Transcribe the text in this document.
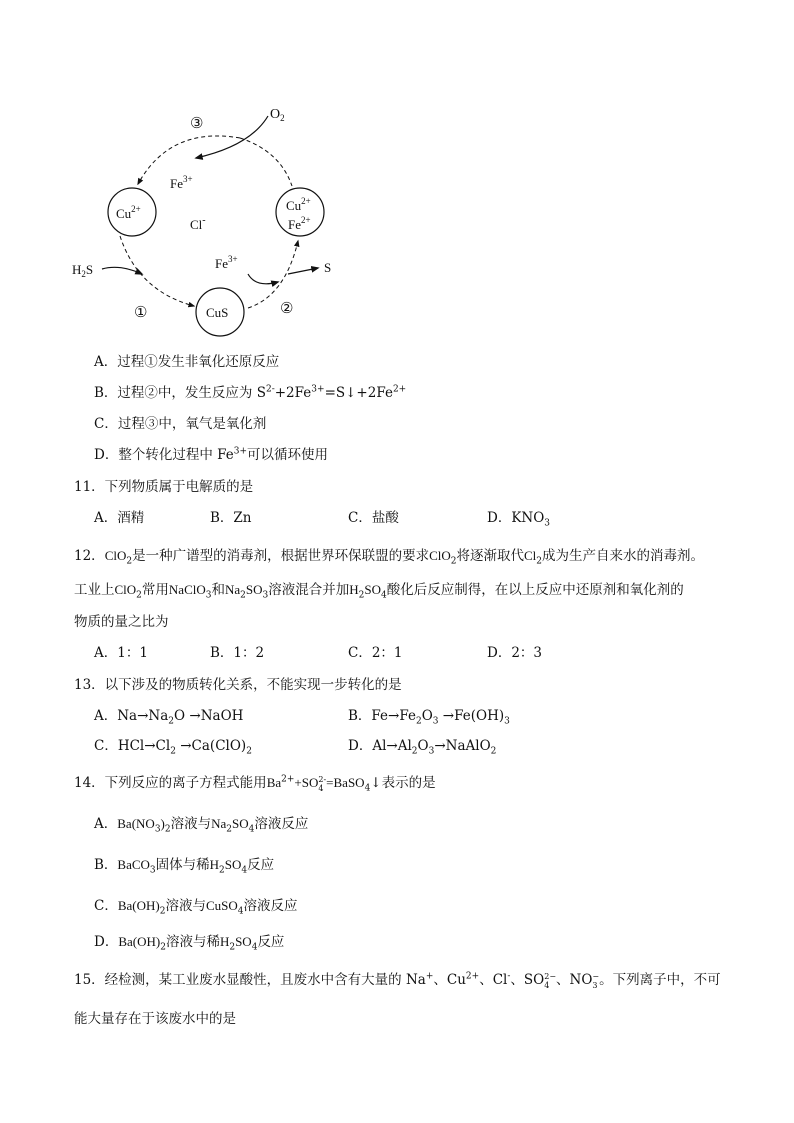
③
$O_2$
$Fe^{3+}$
$Cu^{2+}$
Cl-
$Cu^{2+}$
$Fe^{2+}$
$H_2S$	$Fe^{3+}$
S
CuS
①	②
A．过程①发生非氧化还原反应
B．过程②中，发生反应为 $S^{2-}+2Fe^{3+}=S↓+2Fe^{2+}$
C．过程③中，氧气是氧化剂
D．整个转化过程中 $Fe^{3+}$可以循环使用
11．下列物质属于电解质的是
A．酒精	B．Zn	C．盐酸	D．$KNO_3$
12．ClO$_2$是一种广谱型的消毒剂，根据世界环保联盟的要求ClO$_2$将逐渐取代$Cl_2$成为生产自来水的消毒剂。
工业上ClO$_2$常用NaClO$_3$和$Na_2SO_3$溶液混合并加$H_2SO_4$酸化后反应制得，在以上反应中还原剂和氧化剂的
物质的量之比为
A．1：1	B．1：2	C．2：1	D．2：3
13．以下涉及的物质转化关系，不能实现一步转化的是
A．$Na\to Na_2O$ →NaOH	B．$Fe\to Fe_2O_3 \to Fe(OH)_3$
C．$HCl\to Cl_2 \to Ca(ClO)_2$	D．$Al\to Al_2O_3\to NaAlO_2$
14．下列反应的离子方程式能用$Ba^{2+}+SO$ 2-
4 =BaSO$_4$↓表示的是
A．$Ba(NO_3)_2$溶液与$Na_2SO_4$溶液反应
B．BaCO$_3$固体与稀$H_2SO_4$反应
C．$Ba(OH)_2$溶液与CuSO$_4$溶液反应
D．$Ba(OH)_2$溶液与稀$H_2SO_4$反应
15．经检测，某工业废水显酸性，且废水中含有大量的 Na+、$Cu^{2+}$、Cl-、SO 2−
4 、NO −
3 。下列离子中，不可
能大量存在于该废水中的是
